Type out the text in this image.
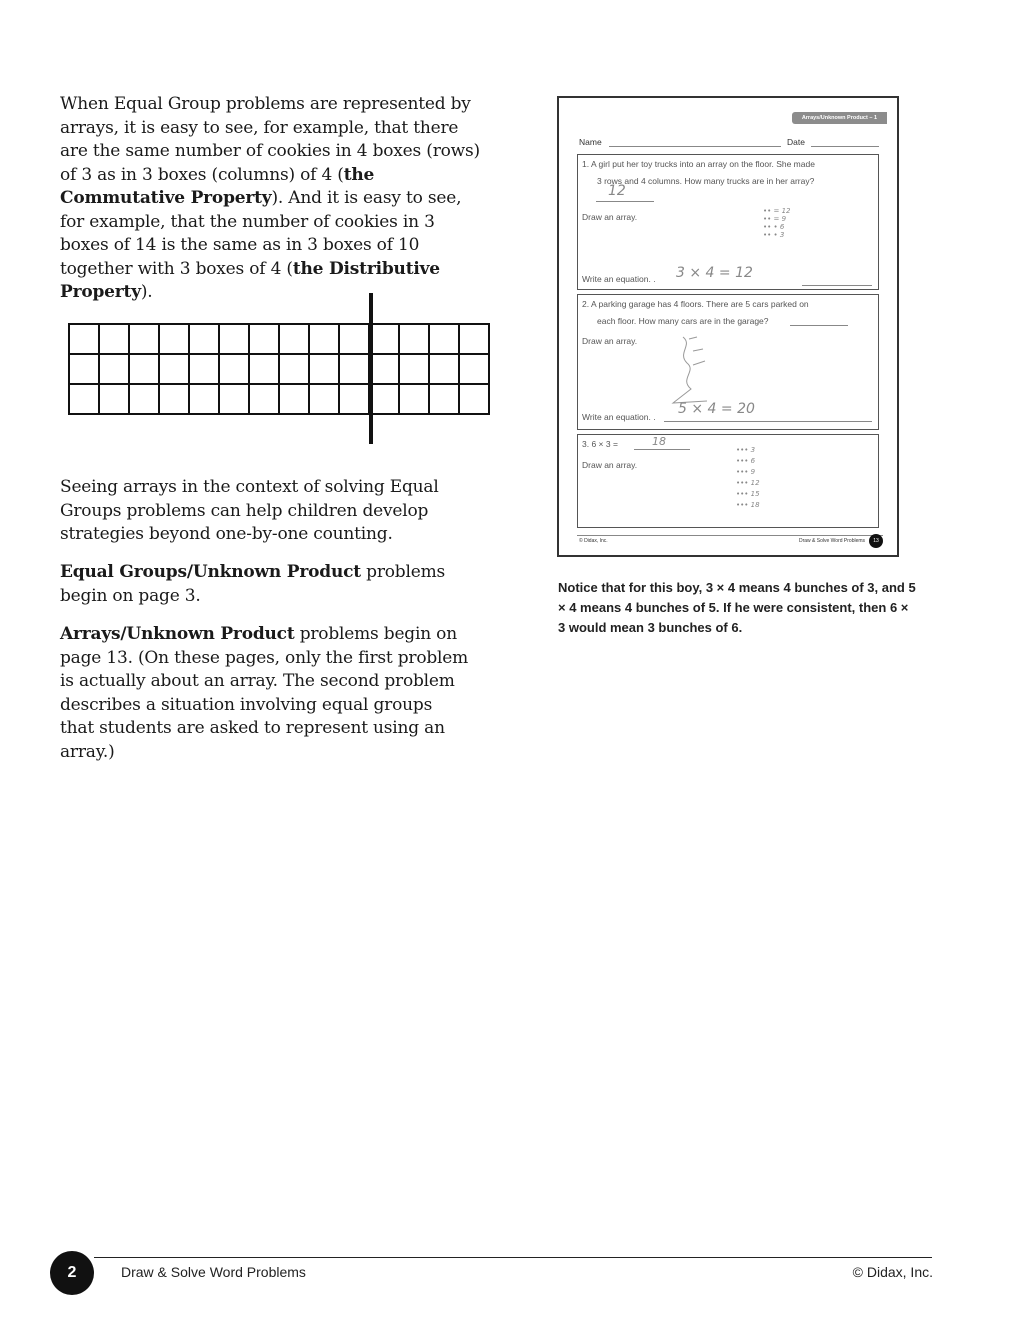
When Equal Group problems are represented by arrays, it is easy to see, for example, that there are the same number of cookies in 4 boxes (rows) of 3 as in 3 boxes (columns) of 4 (the Commutative Property). And it is easy to see, for example, that the number of cookies in 3 boxes of 14 is the same as in 3 boxes of 10 together with 3 boxes of 4 (the Distributive Property).

Seeing arrays in the context of solving Equal Groups problems can help children develop strategies beyond one-by-one counting.

Equal Groups/Unknown Product problems begin on page 3.

Arrays/Unknown Product problems begin on page 13. (On these pages, only the first problem is actually about an array. The second problem describes a situation involving equal groups that students are asked to represent using an array.)

Arrays/Unknown Product – 1
Name	Date
1. A girl put her toy trucks into an array on the floor. She made
3 rows and 4 columns. How many trucks are in her array?
12
Draw an array.
•• = 12
•• = 9
•• • 6
•• • 3
Write an equation. . 3 × 4 = 12
2. A parking garage has 4 floors. There are 5 cars parked on
each floor. How many cars are in the garage?
Draw an array.
Write an equation. . 5 × 4 = 20
3. 6 × 3 =	18
Draw an array.
••• 3
••• 6
••• 9
••• 12
••• 15
••• 18
© Didax, Inc.	Draw & Solve Word Problems	13

Notice that for this boy, 3 × 4 means 4 bunches of 3, and 5 × 4 means 4 bunches of 5. If he were consistent, then 6 × 3 would mean 3 bunches of 6.

2	Draw & Solve Word Problems	© Didax, Inc.
